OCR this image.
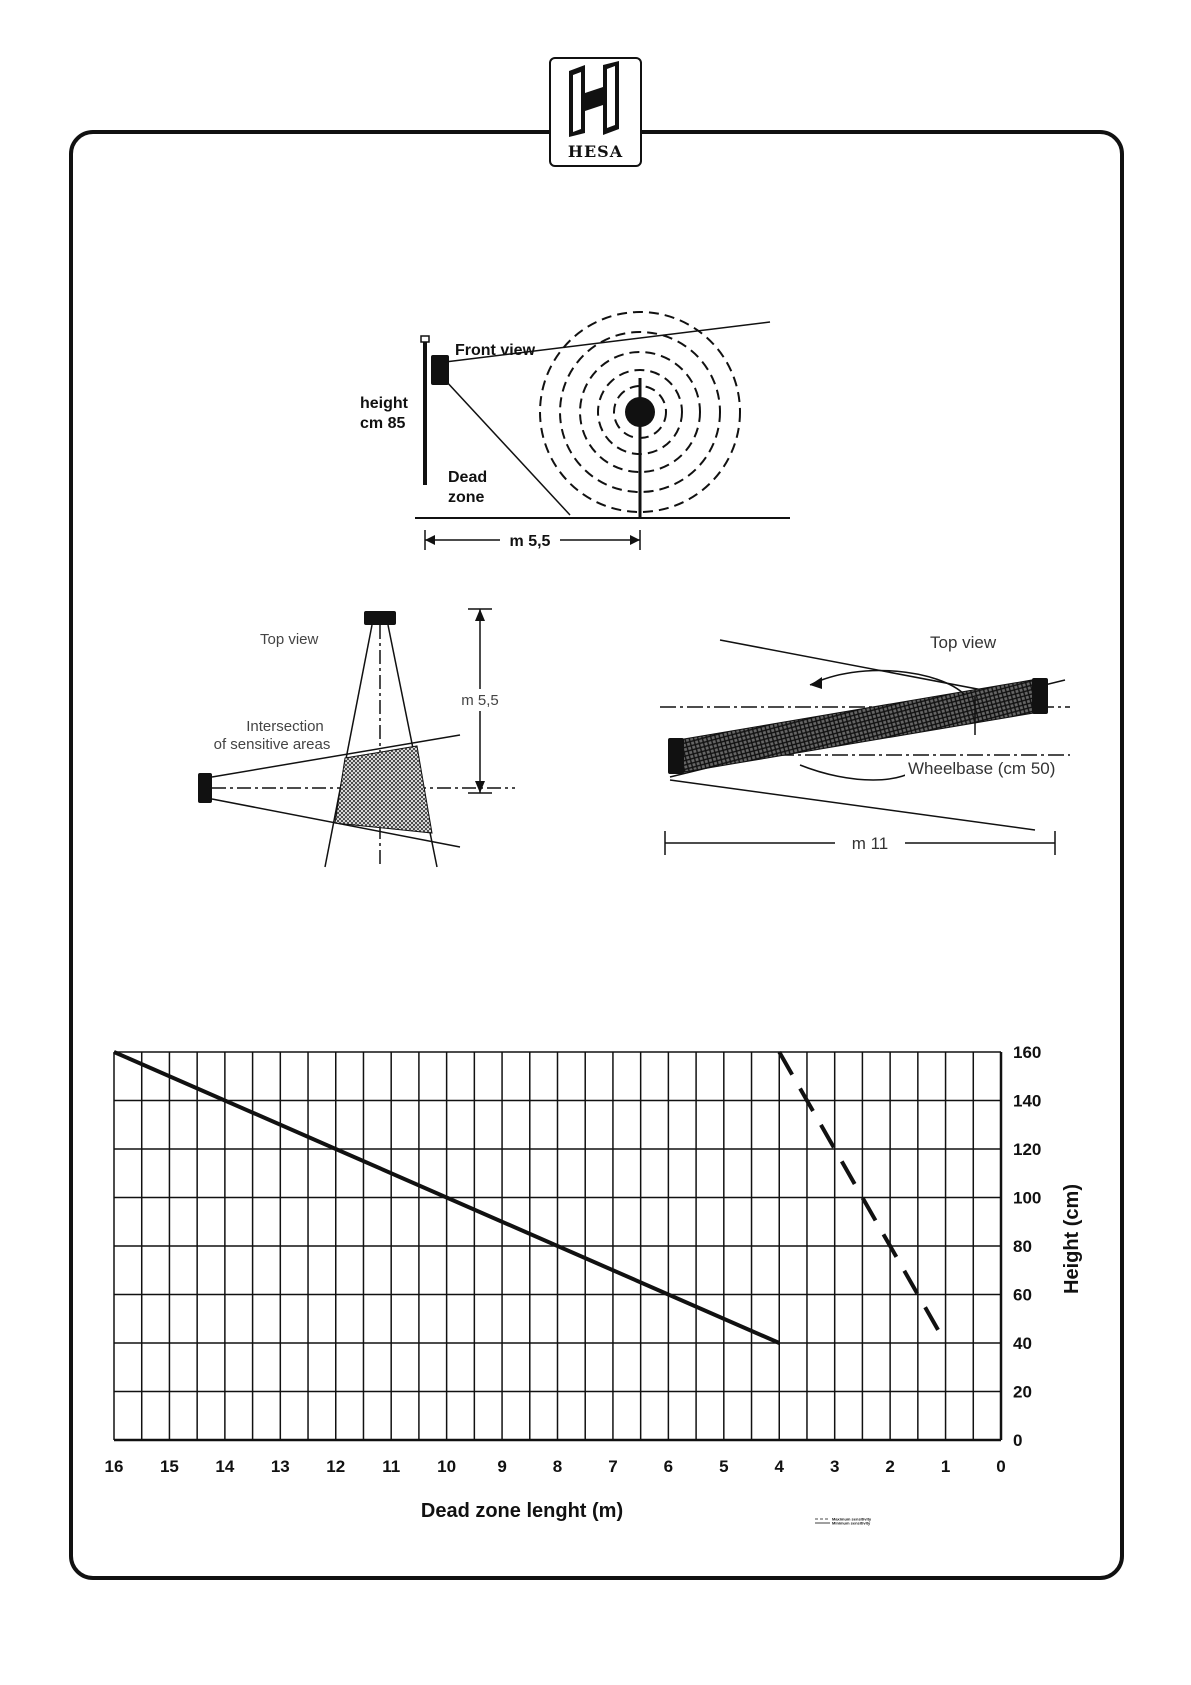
HESA
m 5,5
Front view
height
cm 85
Dead
zone
m 5,5
Top view
Intersection
of sensitive areas
Top view
Wheelbase (cm 50)
m 11
16 15 14 13 12 11 10 9	8	7	6	5	4	3	2	1	0
0
20
40
60
80
100
120
140
160
Dead zone lenght (m)
Height (cm)
Maximum sensitivity
Minimum sensitivity
